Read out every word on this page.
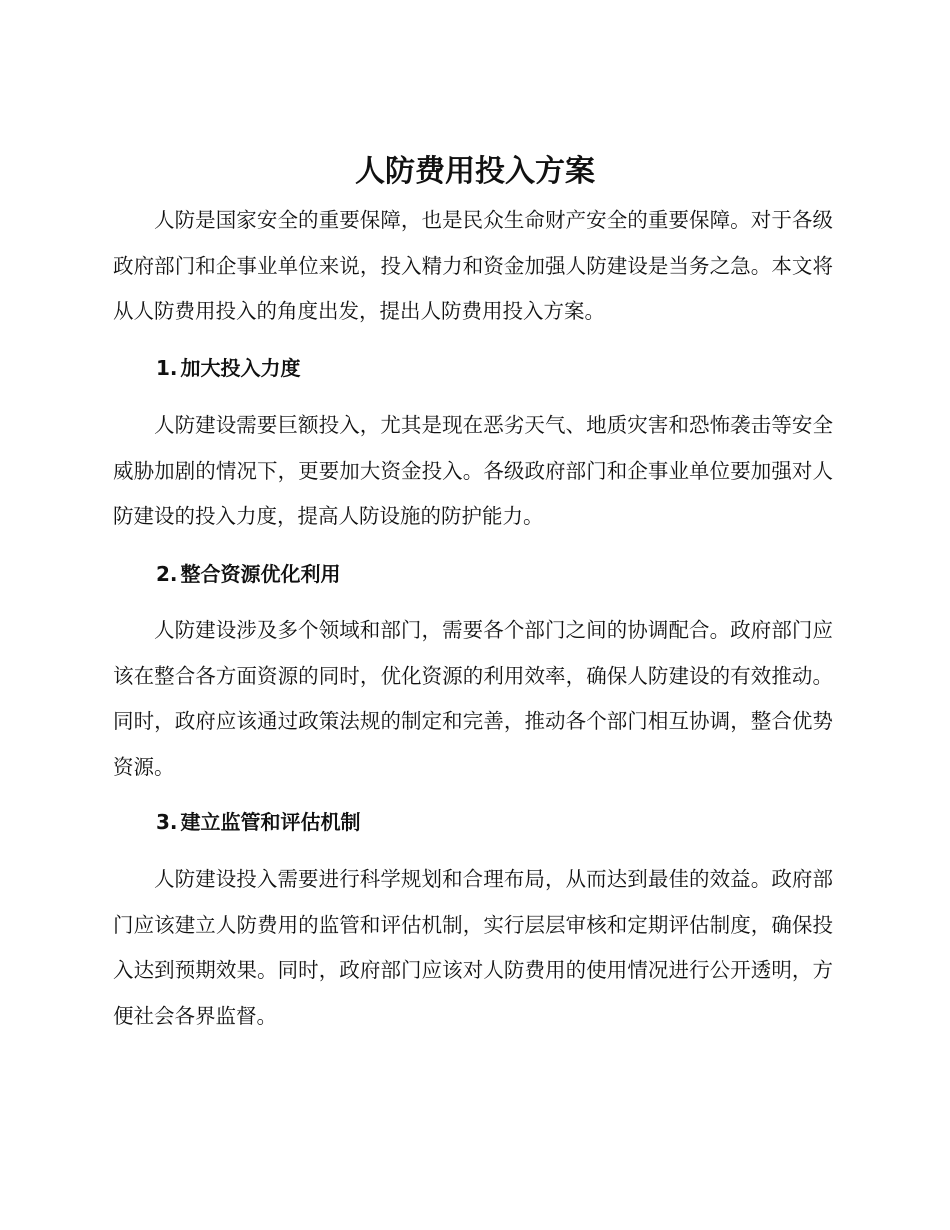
人防费用投入方案

人防是国家安全的重要保障，也是民众生命财产安全的重要保障。对于各级政府部门和企事业单位来说，投入精力和资金加强人防建设是当务之急。本文将从人防费用投入的角度出发，提出人防费用投入方案。

1. 加大投入力度

人防建设需要巨额投入，尤其是现在恶劣天气、地质灾害和恐怖袭击等安全威胁加剧的情况下，更要加大资金投入。各级政府部门和企事业单位要加强对人防建设的投入力度，提高人防设施的防护能力。

2. 整合资源优化利用

人防建设涉及多个领域和部门，需要各个部门之间的协调配合。政府部门应该在整合各方面资源的同时，优化资源的利用效率，确保人防建设的有效推动。同时，政府应该通过政策法规的制定和完善，推动各个部门相互协调，整合优势资源。

3. 建立监管和评估机制

人防建设投入需要进行科学规划和合理布局，从而达到最佳的效益。政府部门应该建立人防费用的监管和评估机制，实行层层审核和定期评估制度，确保投入达到预期效果。同时，政府部门应该对人防费用的使用情况进行公开透明，方便社会各界监督。
